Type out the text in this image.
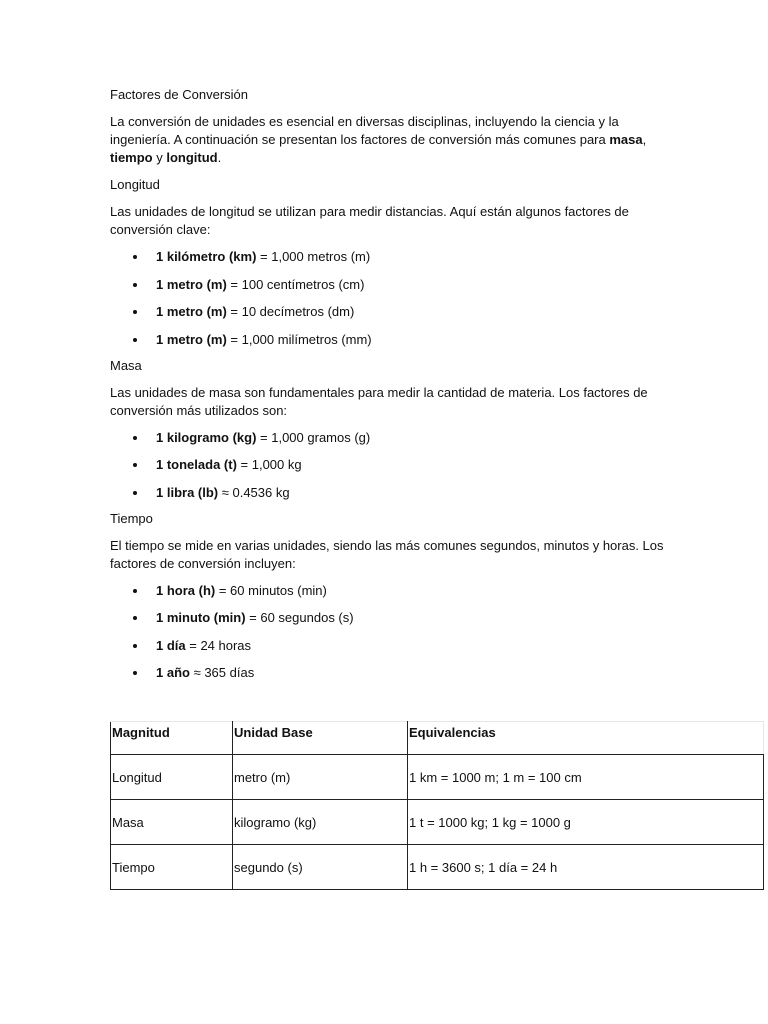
Factores de Conversión

La conversión de unidades es esencial en diversas disciplinas, incluyendo la ciencia y la ingeniería. A continuación se presentan los factores de conversión más comunes para masa, tiempo y longitud.

Longitud

Las unidades de longitud se utilizan para medir distancias. Aquí están algunos factores de conversión clave:

1 kilómetro (km) = 1,000 metros (m)
1 metro (m) = 100 centímetros (cm)
1 metro (m) = 10 decímetros (dm)
1 metro (m) = 1,000 milímetros (mm)

Masa

Las unidades de masa son fundamentales para medir la cantidad de materia. Los factores de conversión más utilizados son:

1 kilogramo (kg) = 1,000 gramos (g)
1 tonelada (t) = 1,000 kg
1 libra (lb) ≈ 0.4536 kg

Tiempo

El tiempo se mide en varias unidades, siendo las más comunes segundos, minutos y horas. Los factores de conversión incluyen:

1 hora (h) = 60 minutos (min)
1 minuto (min) = 60 segundos (s)
1 día = 24 horas
1 año ≈ 365 días
Magnitud	Unidad Base	Equivalencias
Longitud	metro (m)	1 km = 1000 m; 1 m = 100 cm
Masa	kilogramo (kg)	1 t = 1000 kg; 1 kg = 1000 g
Tiempo	segundo (s)	1 h = 3600 s; 1 día = 24 h
